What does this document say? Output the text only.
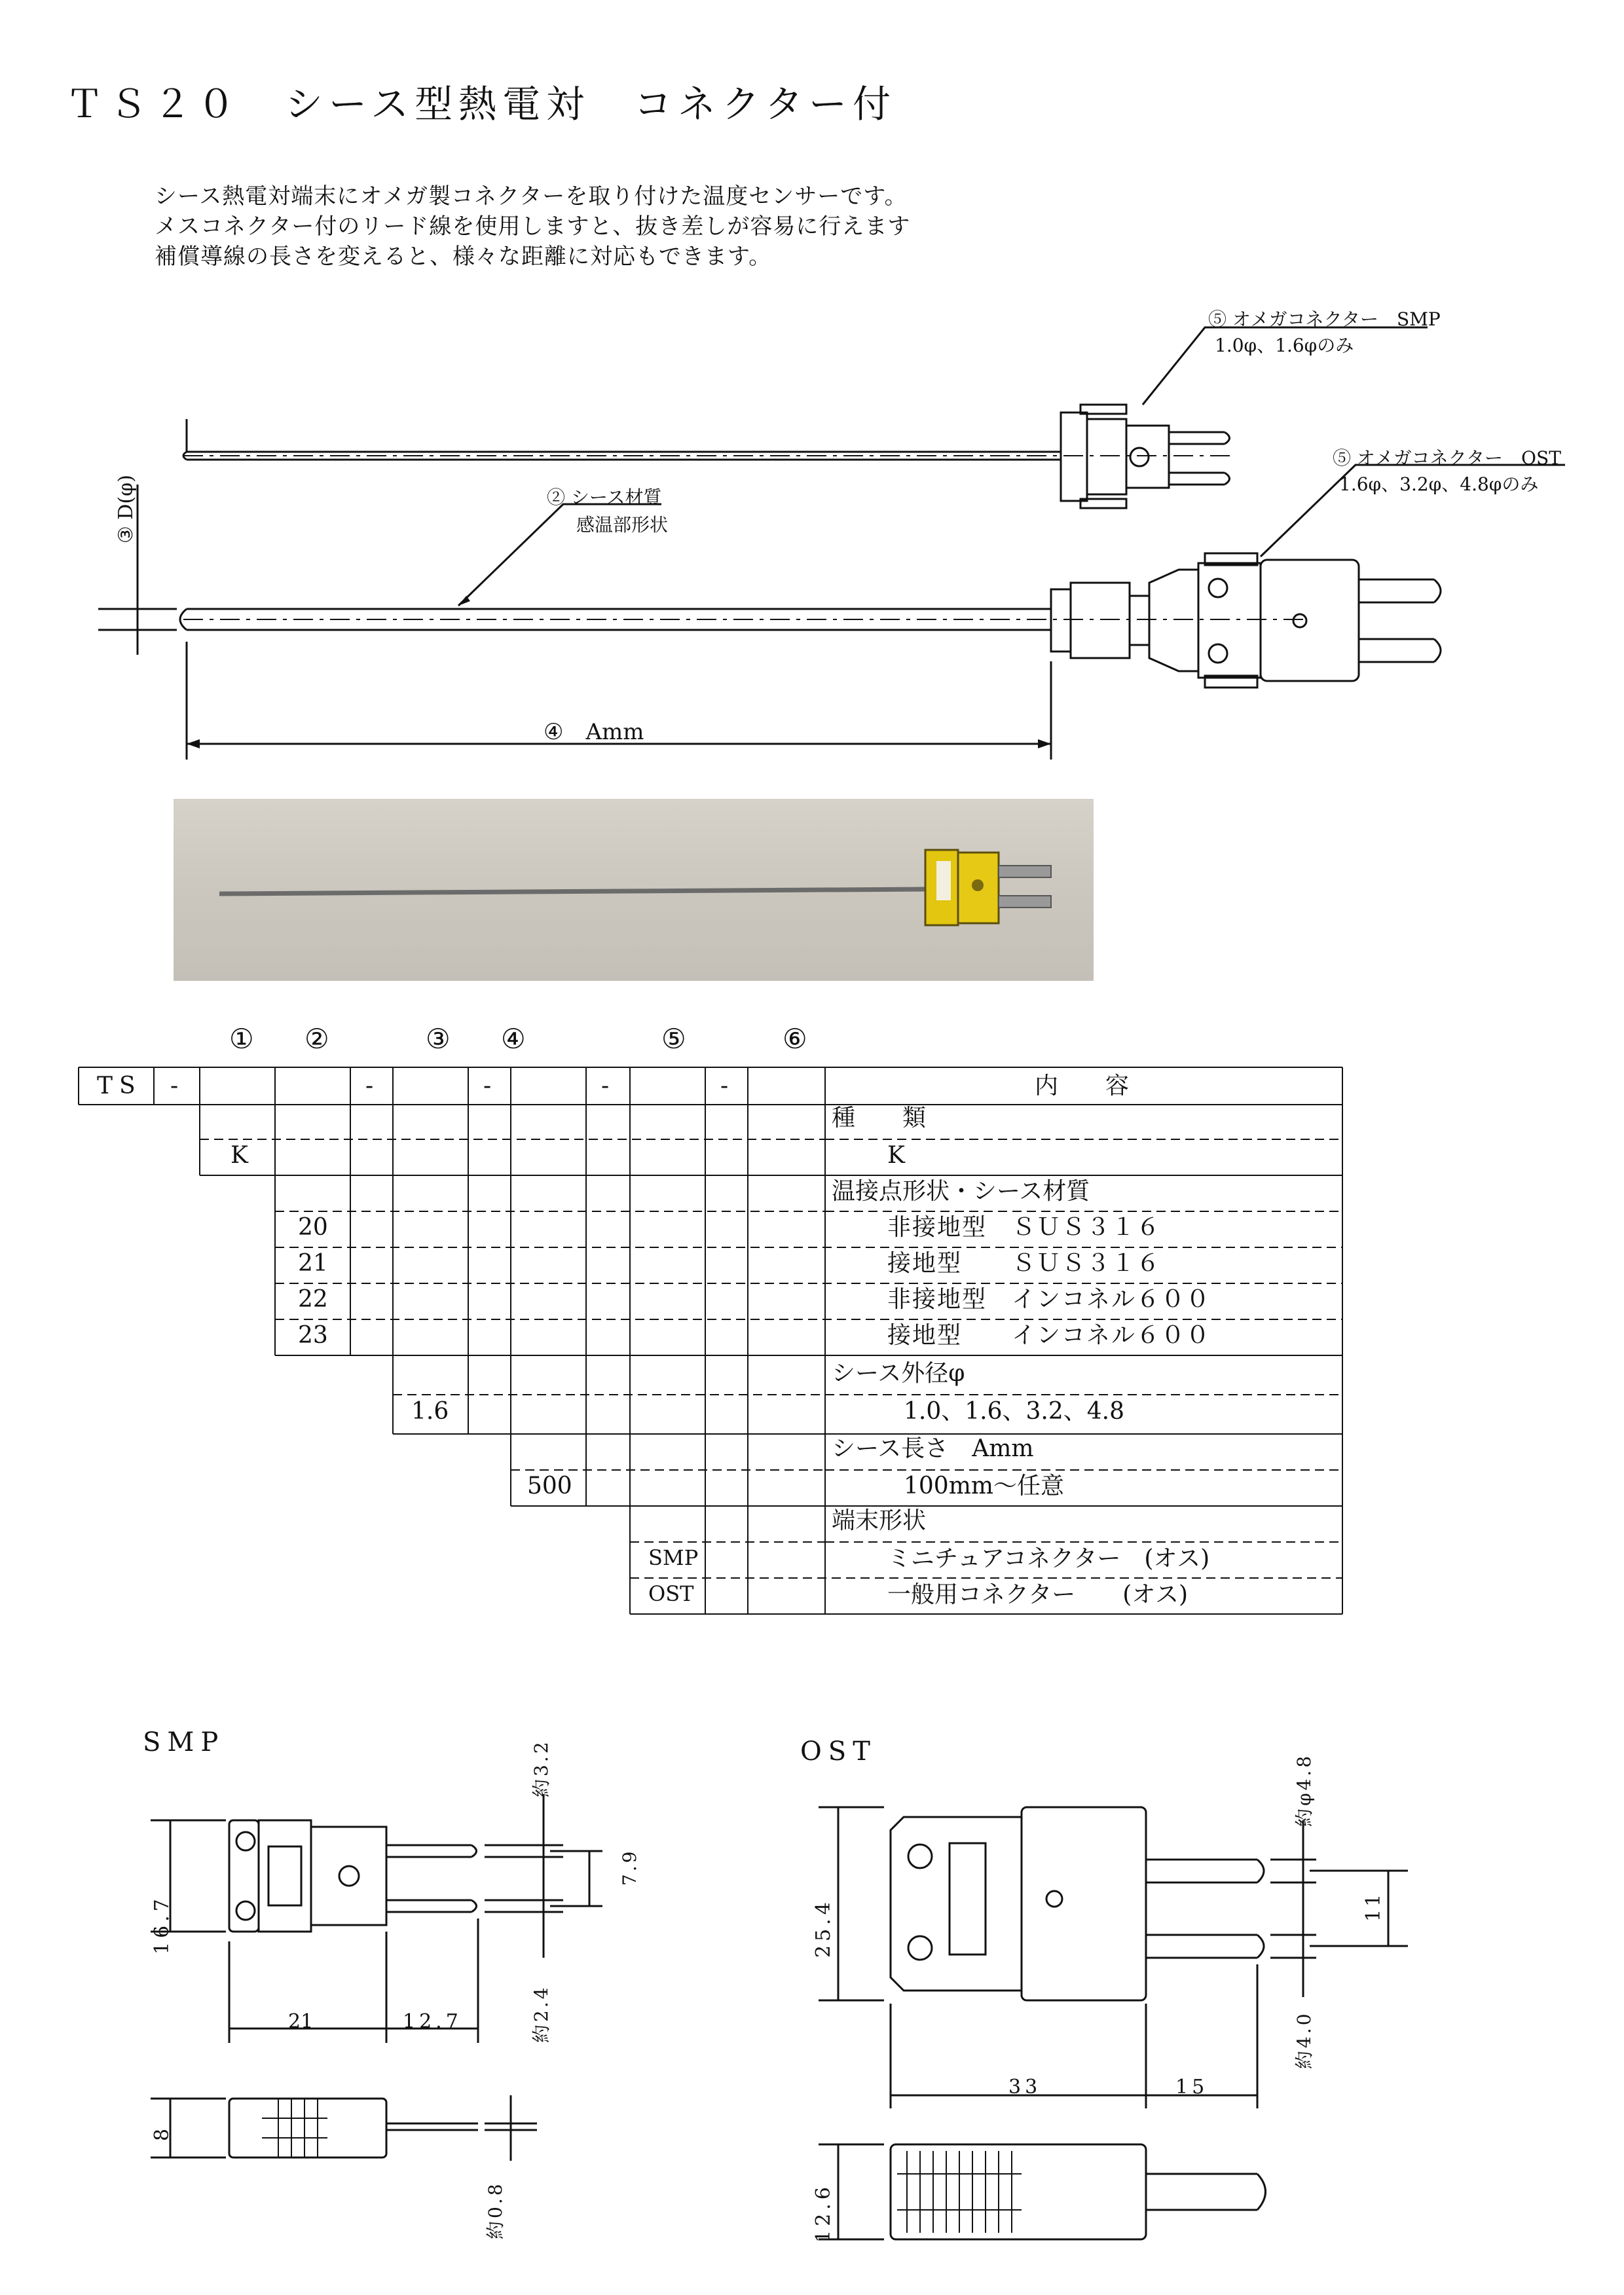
ＴＳ２０　シース型熱電対　コネクター付
シース熱電対端末にオメガ製コネクターを取り付けた温度センサーです。
メスコネクター付のリード線を使用しますと、抜き差しが容易に行えます
補償導線の長さを変えると、様々な距離に対応もできます。
⑤ オメガコネクター　SMP
1.0φ、1.6φのみ
⑤ オメガコネクター　OST
1.6φ、3.2φ、4.8φのみ
② シース材質
感温部形状
③ D(φ)
④　Amm
① ②	③ ④	⑤	⑥
TS -	-	-	-	-	内　　容
種　　類
K	K
温接点形状・シース材質
20	非接地型　ＳＵＳ３１６
21	接地型　　ＳＵＳ３１６
22	非接地型　インコネル６００
23	接地型　　インコネル６００
シース外径φ
1.6	1.0、1.6、3.2、4.8
シース長さ　Amm
500	100mm～任意
端末形状
SMP	ミニチュアコネクター　(オス)
OST	一般用コネクター　　(オス)
SMP
16.7
21	12.7
約3.2
7.9
約2.4
8
約0.8
OST
25.4
33	15
約φ4.8
11
約4.0
12.6
